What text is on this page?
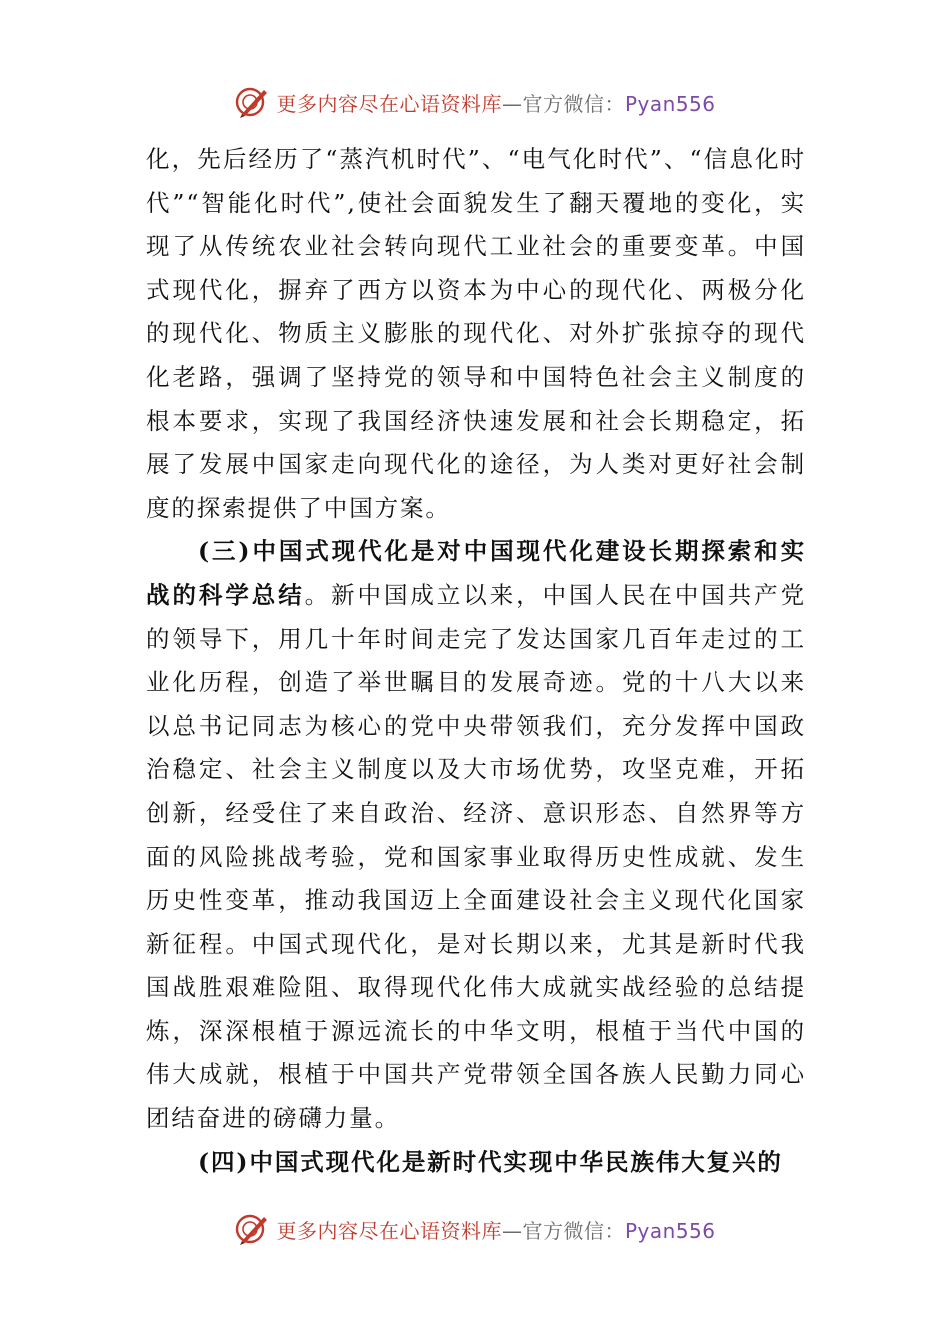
更多内容尽在心语资料库—官方微信：Pyan556

化，先后经历了“蒸汽机时代”、“电气化时代”、“信息化时代”“智能化时代”,使社会面貌发生了翻天覆地的变化，实现了从传统农业社会转向现代工业社会的重要变革。中国式现代化，摒弃了西方以资本为中心的现代化、两极分化的现代化、物质主义膨胀的现代化、对外扩张掠夺的现代化老路，强调了坚持党的领导和中国特色社会主义制度的根本要求，实现了我国经济快速发展和社会长期稳定，拓展了发展中国家走向现代化的途径，为人类对更好社会制度的探索提供了中国方案。

(三)中国式现代化是对中国现代化建设长期探索和实战的科学总结。新中国成立以来，中国人民在中国共产党的领导下，用几十年时间走完了发达国家几百年走过的工业化历程，创造了举世瞩目的发展奇迹。党的十八大以来以总书记同志为核心的党中央带领我们，充分发挥中国政治稳定、社会主义制度以及大市场优势，攻坚克难，开拓创新，经受住了来自政治、经济、意识形态、自然界等方面的风险挑战考验，党和国家事业取得历史性成就、发生历史性变革，推动我国迈上全面建设社会主义现代化国家新征程。中国式现代化，是对长期以来，尤其是新时代我国战胜艰难险阻、取得现代化伟大成就实战经验的总结提炼，深深根植于源远流长的中华文明，根植于当代中国的伟大成就，根植于中国共产党带领全国各族人民勤力同心团结奋进的磅礴力量。

(四)中国式现代化是新时代实现中华民族伟大复兴的

更多内容尽在心语资料库—官方微信：Pyan556
